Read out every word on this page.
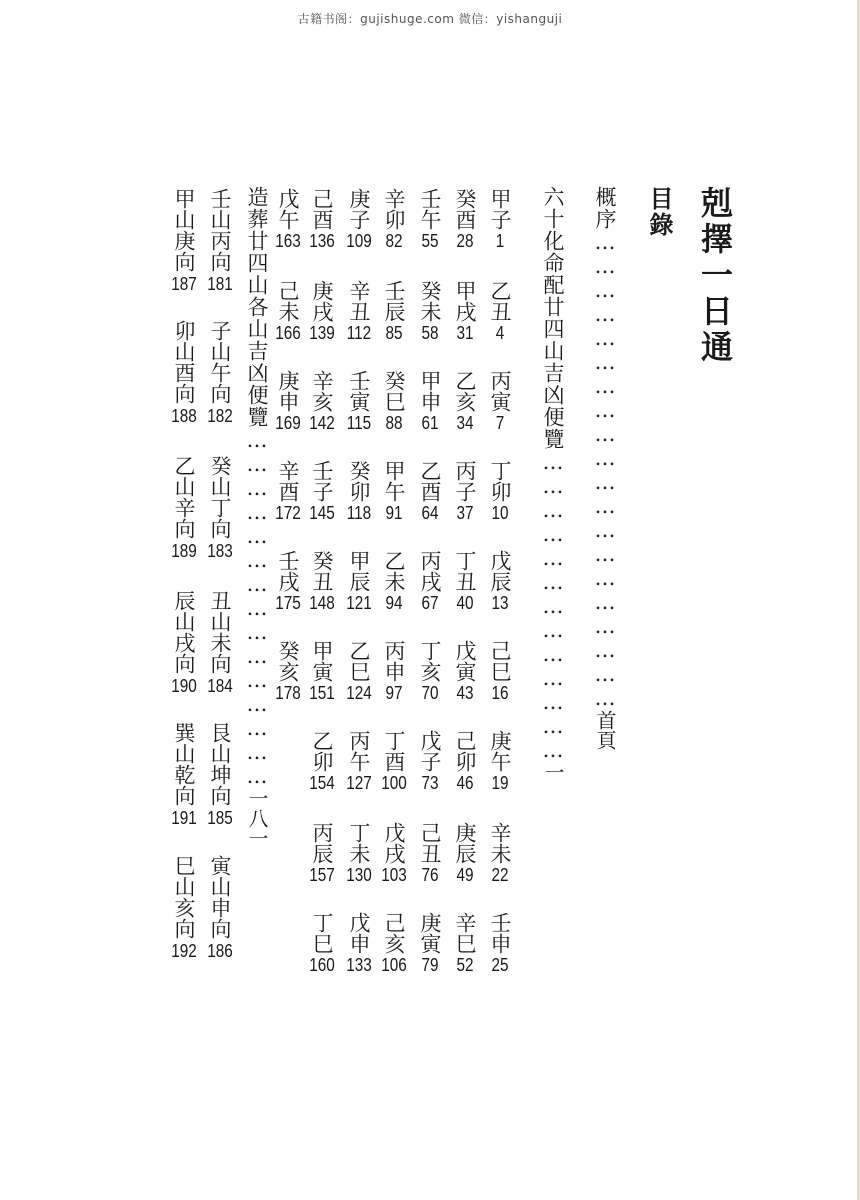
古籍书阁：gujishuge.com 微信：yishanguji
剋擇一日通
目錄
概序……………………………………………………首頁
六十化命配廿四山吉凶便覽…………………………………一
造葬廿四山各山吉凶便覽………………………………………一八一
甲子
1
乙丑
4
丙寅
7
丁卯
10
戊辰
13
己巳
16
庚午
19
辛未
22
壬申
25
癸酉
28
甲戌
31
乙亥
34
丙子
37
丁丑
40
戊寅
43
己卯
46
庚辰
49
辛巳
52
壬午
55
癸未
58
甲申
61
乙酉
64
丙戌
67
丁亥
70
戊子
73
己丑
76
庚寅
79
辛卯
82
壬辰
85
癸巳
88
甲午
91
乙未
94
丙申
97
丁酉
100
戊戌
103
己亥
106
庚子
109
辛丑
112
壬寅
115
癸卯
118
甲辰
121
乙巳
124
丙午
127
丁未
130
戊申
133
己酉
136
庚戌
139
辛亥
142
壬子
145
癸丑
148
甲寅
151
乙卯
154
丙辰
157
丁巳
160
戊午
163
己未
166
庚申
169
辛酉
172
壬戌
175
癸亥
178
壬山丙向
181
子山午向
182
癸山丁向
183
丑山未向
184
艮山坤向
185
寅山申向
186
甲山庚向
187
卯山酉向
188
乙山辛向
189
辰山戌向
190
巽山乾向
191
巳山亥向
192
